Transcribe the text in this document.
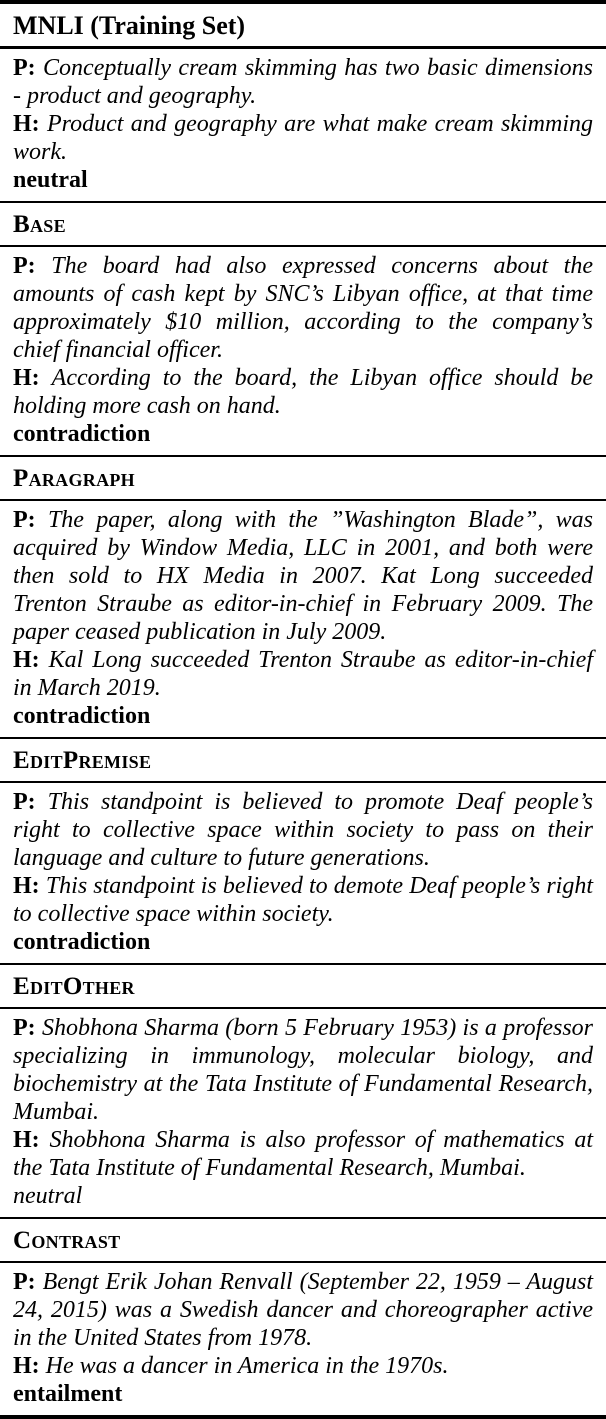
MNLI (Training Set)

P: Conceptually cream skimming has two basic dimensions - product and geography.

H: Product and geography are what make cream skimming work.

neutral

Base

P: The board had also expressed concerns about the amounts of cash kept by SNC’s Libyan office, at that time approximately $10 million, according to the company’s chief financial officer.

H: According to the board, the Libyan office should be holding more cash on hand.

contradiction

Paragraph

P: The paper, along with the ”Washington Blade”, was acquired by Window Media, LLC in 2001, and both were then sold to HX Media in 2007. Kat Long succeeded Trenton Straube as editor-in-chief in February 2009. The paper ceased publication in July 2009.

H: Kal Long succeeded Trenton Straube as editor-in-chief in March 2019.

contradiction

EditPremise

P: This standpoint is believed to promote Deaf people’s right to collective space within society to pass on their language and culture to future generations.

H: This standpoint is believed to demote Deaf people’s right to collective space within society.

contradiction

EditOther

P: Shobhona Sharma (born 5 February 1953) is a professor specializing in immunology, molecular biology, and biochemistry at the Tata Institute of Fundamental Research, Mumbai.

H: Shobhona Sharma is also professor of mathematics at the Tata Institute of Fundamental Research, Mumbai.

neutral

Contrast

P: Bengt Erik Johan Renvall (September 22, 1959 – August 24, 2015) was a Swedish dancer and choreographer active in the United States from 1978.

H: He was a dancer in America in the 1970s.

entailment
